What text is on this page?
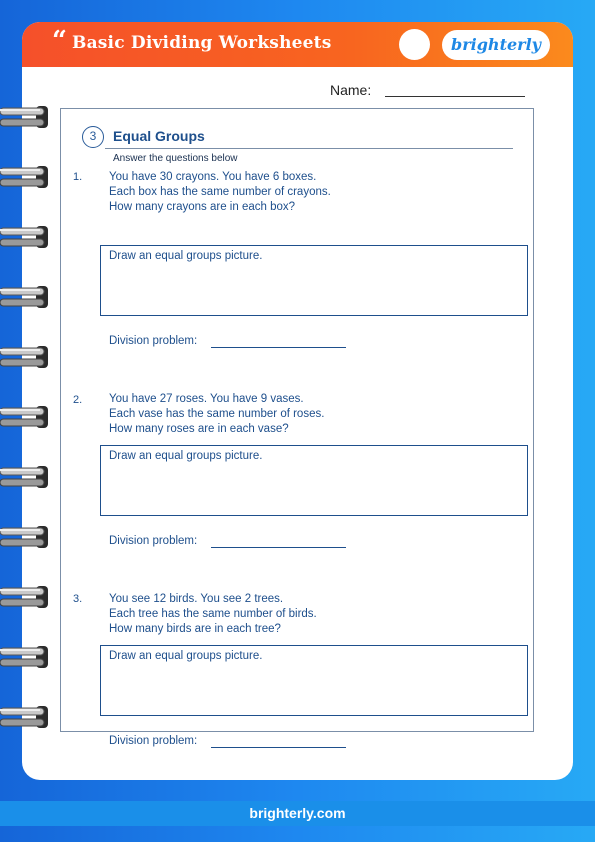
“ Basic Dividing Worksheets	brighterly
Name:
3	Equal Groups
Answer the questions below
1.	You have 30 crayons. You have 6 boxes.
Each box has the same number of crayons.
How many crayons are in each box?
Draw an equal groups picture.
Division problem:
2.	You have 27 roses. You have 9 vases.
Each vase has the same number of roses.
How many roses are in each vase?
Draw an equal groups picture.
Division problem:
3.	You see 12 birds. You see 2 trees.
Each tree has the same number of birds.
How many birds are in each tree?
Draw an equal groups picture.
Division problem:
brighterly.com
